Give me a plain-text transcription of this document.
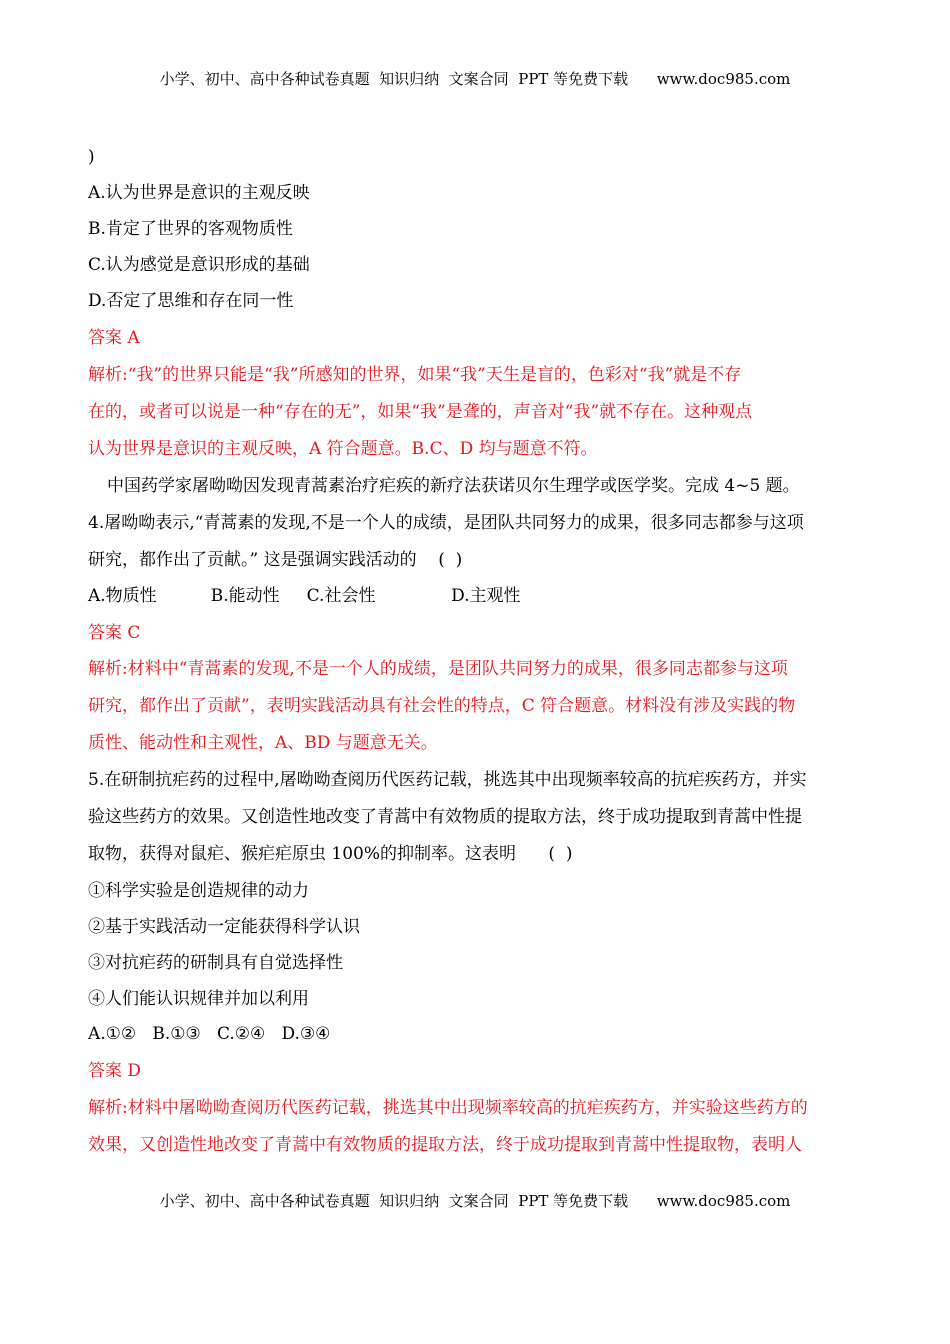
小学、初中、高中各种试卷真题  知识归纳  文案合同  PPT 等免费下载      www.doc985.com
)
A.认为世界是意识的主观反映
B.肯定了世界的客观物质性
C.认为感觉是意识形成的基础
D.否定了思维和存在同一性
答案 A
解析:“我”的世界只能是“我”所感知的世界，如果“我”天生是盲的，色彩对“我”就是不存
在的，或者可以说是一种“存在的无”，如果“我”是聋的，声音对“我”就不存在。这种观点
认为世界是意识的主观反映，A 符合题意。B.C、D 均与题意不符。
中国药学家屠呦呦因发现青蒿素治疗疟疾的新疗法获诺贝尔生理学或医学奖。完成 4~5 题。
4.屠呦呦表示,“青蒿素的发现,不是一个人的成绩，是团队共同努力的成果，很多同志都参与这项
研究，都作出了贡献。” 这是强调实践活动的    (  )
A.物质性          B.能动性     C.社会性              D.主观性
答案 C
解析:材料中“青蒿素的发现,不是一个人的成绩，是团队共同努力的成果，很多同志都参与这项
研究，都作出了贡献”，表明实践活动具有社会性的特点，C 符合题意。材料没有涉及实践的物
质性、能动性和主观性，A、BD 与题意无关。
5.在研制抗疟药的过程中,屠呦呦查阅历代医药记载，挑选其中出现频率较高的抗疟疾药方，并实
验这些药方的效果。又创造性地改变了青蒿中有效物质的提取方法，终于成功提取到青蒿中性提
取物，获得对鼠疟、猴疟疟原虫 100%的抑制率。这表明      (  )
①科学实验是创造规律的动力
②基于实践活动一定能获得科学认识
③对抗疟药的研制具有自觉选择性
④人们能认识规律并加以利用
A.①②   B.①③   C.②④   D.③④
答案 D
解析:材料中屠呦呦查阅历代医药记载，挑选其中出现频率较高的抗疟疾药方，并实验这些药方的
效果，又创造性地改变了青蒿中有效物质的提取方法，终于成功提取到青蒿中性提取物，表明人
小学、初中、高中各种试卷真题  知识归纳  文案合同  PPT 等免费下载      www.doc985.com
